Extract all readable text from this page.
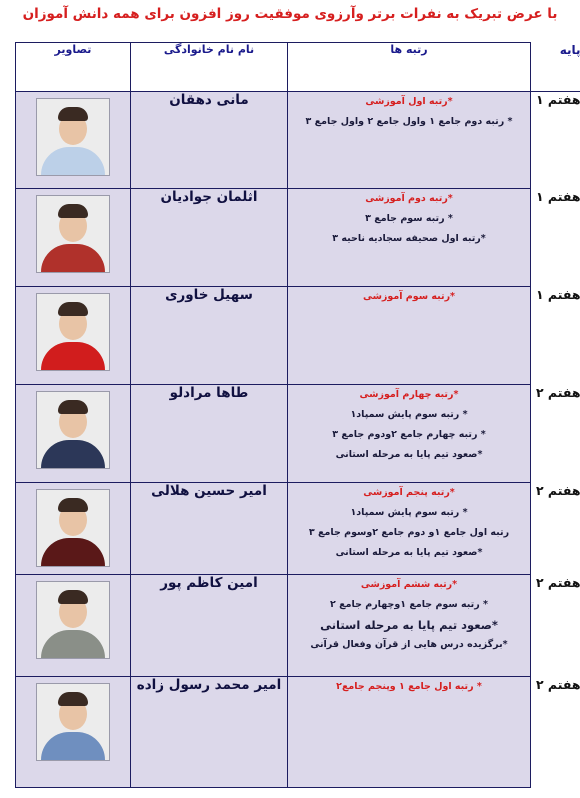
با عرض تبریک به نفرات برتر وآرزوی موفقیت روز افزون برای همه دانش آموزان
پایه	رتبه ها	نام نام خانوادگی	تصاویر
هفتم ۱	*رتبه اول آموزشی
* رتبه دوم جامع ۱ واول جامع ۲ واول جامع ۳	مانی دهقان	

هفتم ۱	*رتبه دوم آموزشی
* رتبه سوم جامع ۳
*رتبه اول صحیفه سجادیه ناحیه ۳	اثلمان جوادیان	

هفتم ۱	*رتبه سوم آموزشی	سهیل خاوری	

هفتم ۲	*رتبه چهارم آموزشی
* رتبه سوم پایش سمپاد۱
* رتبه چهارم جامع ۲ودوم جامع ۳
*صعود تیم پایا به مرحله استانی	طاها مرادلو	

هفتم ۲	*رتبه پنجم آموزشی
* رتبه سوم پایش سمپاد۱
رتبه اول جامع ۱و دوم جامع ۲وسوم جامع ۳
*صعود تیم پایا به مرحله استانی	امیر حسین هلالی	

هفتم ۲	*رتبه ششم آموزشی
* رتبه سوم جامع ۱وچهارم جامع ۲
*صعود تیم پایا به مرحله استانی
*برگزیده درس هایی از قرآن وفعال قرآنی	امین کاظم پور	

هفتم ۲	* رتبه اول جامع ۱ وپنجم جامع۲	امیر محمد رسول زاده	
